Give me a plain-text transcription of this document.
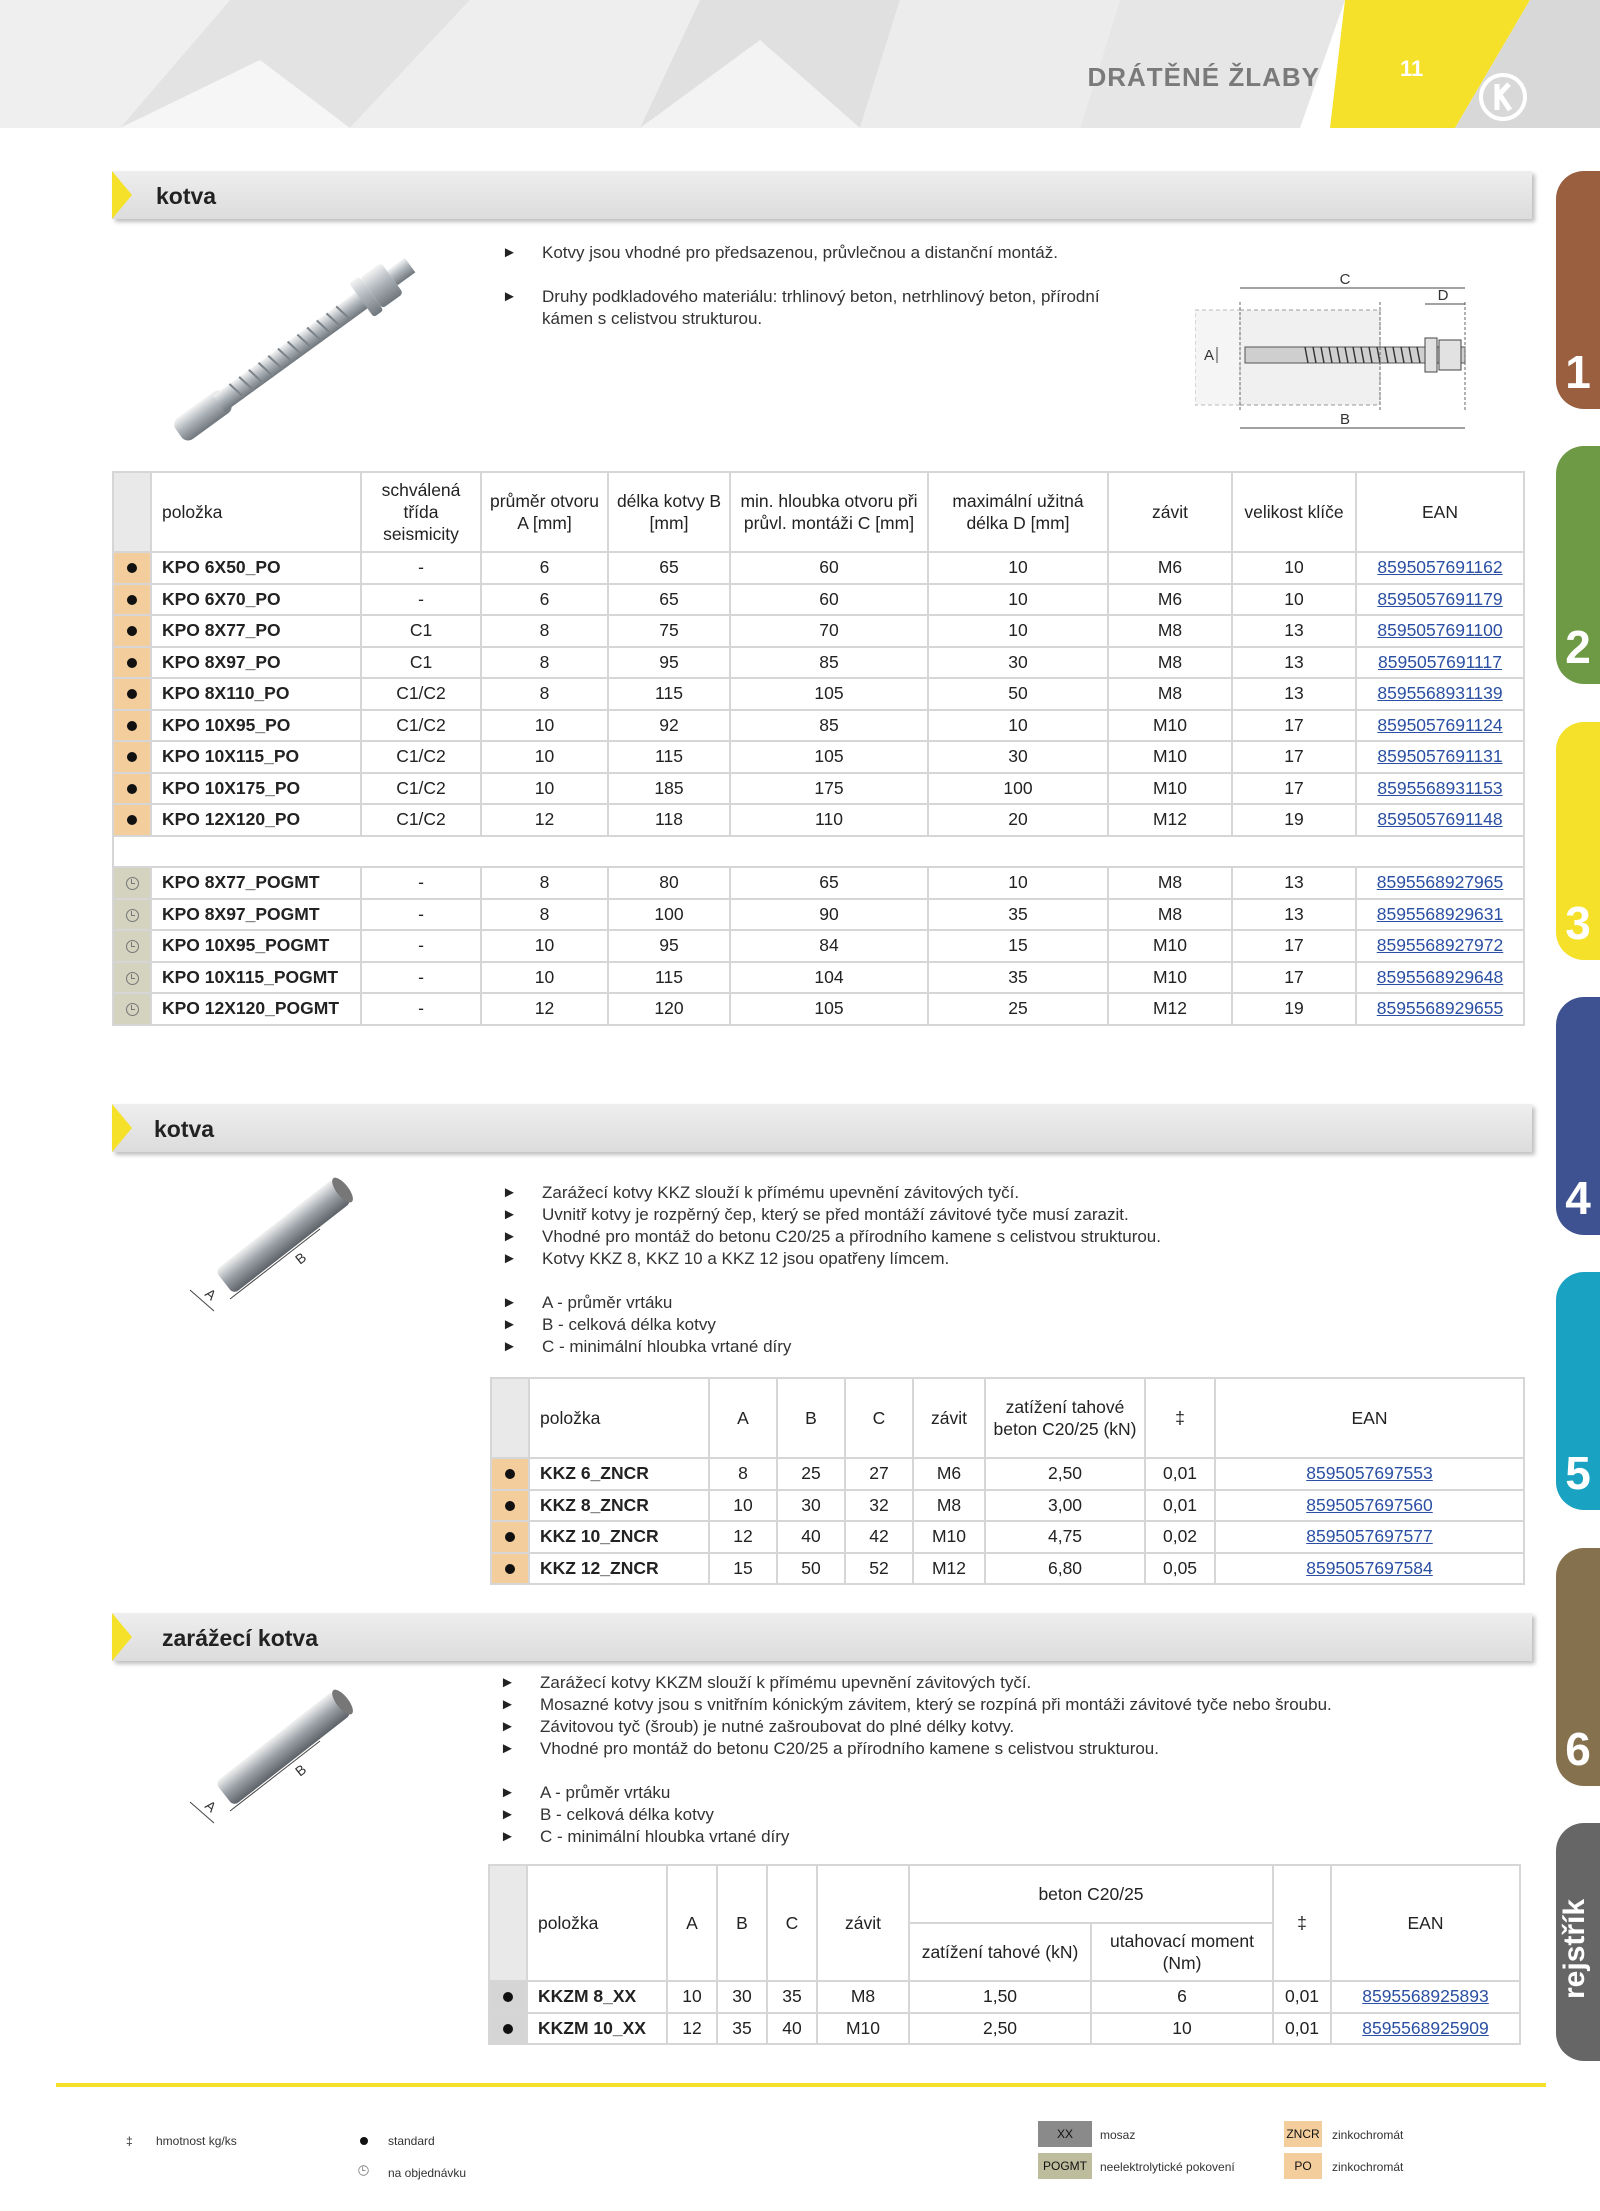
DRÁTĚNÉ ŽLABY	11
1
2
3
4
5
6
rejstřík
kotva
► Kotvy jsou vhodné pro předsazenou, průvlečnou a distanční montáž.
► Druhy podkladového materiálu: trhlinový beton, netrhlinový beton, přírodní kámen s celistvou strukturou.
C
D
B
A
	položka	schválená třída seismicity	průměr otvoru A [mm]	délka kotvy B [mm]	min. hloubka otvoru při průvl. montáži C [mm]	maximální užitná délka D [mm]	závit	velikost klíče	EAN
	KPO 6X50_PO	-	6	65	60	10	M6	10	8595057691162
	KPO 6X70_PO	-	6	65	60	10	M6	10	8595057691179
	KPO 8X77_PO	C1	8	75	70	10	M8	13	8595057691100
	KPO 8X97_PO	C1	8	95	85	30	M8	13	8595057691117
	KPO 8X110_PO	C1/C2	8	115	105	50	M8	13	8595568931139
	KPO 10X95_PO	C1/C2	10	92	85	10	M10	17	8595057691124
	KPO 10X115_PO	C1/C2	10	115	105	30	M10	17	8595057691131
	KPO 10X175_PO	C1/C2	10	185	175	100	M10	17	8595568931153
	KPO 12X120_PO	C1/C2	12	118	110	20	M12	19	8595057691148

	KPO 8X77_POGMT	-	8	80	65	10	M8	13	8595568927965
	KPO 8X97_POGMT	-	8	100	90	35	M8	13	8595568929631
	KPO 10X95_POGMT	-	10	95	84	15	M10	17	8595568927972
	KPO 10X115_POGMT	-	10	115	104	35	M10	17	8595568929648
	KPO 12X120_POGMT	-	12	120	105	25	M12	19	8595568929655
kotva
A
B
► Zarážecí kotvy KKZ slouží k přímému upevnění závitových tyčí.
► Uvnitř kotvy je rozpěrný čep, který se před montáží závitové tyče musí zarazit.
► Vhodné pro montáž do betonu C20/25 a přírodního kamene s celistvou strukturou.
► Kotvy KKZ 8, KKZ 10 a KKZ 12 jsou opatřeny límcem.
► A - průměr vrtáku
► B - celková délka kotvy
► C - minimální hloubka vrtané díry
	položka	A	B	C	závit	zatížení tahové beton C20/25 (kN)	‡	EAN
	KKZ 6_ZNCR	8	25	27	M6	2,50	0,01	8595057697553
	KKZ 8_ZNCR	10	30	32	M8	3,00	0,01	8595057697560
	KKZ 10_ZNCR	12	40	42	M10	4,75	0,02	8595057697577
	KKZ 12_ZNCR	15	50	52	M12	6,80	0,05	8595057697584
zarážecí kotva
A
B
► Zarážecí kotvy KKZM slouží k přímému upevnění závitových tyčí.
► Mosazné kotvy jsou s vnitřním kónickým závitem, který se rozpíná při montáži závitové tyče nebo šroubu.
► Závitovou tyč (šroub) je nutné zašroubovat do plné délky kotvy.
► Vhodné pro montáž do betonu C20/25 a přírodního kamene s celistvou strukturou.
► A - průměr vrtáku
► B - celková délka kotvy
► C - minimální hloubka vrtané díry
	položka	A	B	C	závit	beton C20/25		‡	EAN
						zatížení tahové (kN)	utahovací moment (Nm)		
	KKZM 8_XX	10	30	35	M8	1,50	6	0,01	8595568925893
	KKZM 10_XX	12	35	40	M10	2,50	10	0,01	8595568925909
‡ hmotnost kg/ks	standard
na objednávku
XX	mosaz
POGMT	neelektrolytické pokovení
ZNCR zinkochromát
PO	zinkochromát
